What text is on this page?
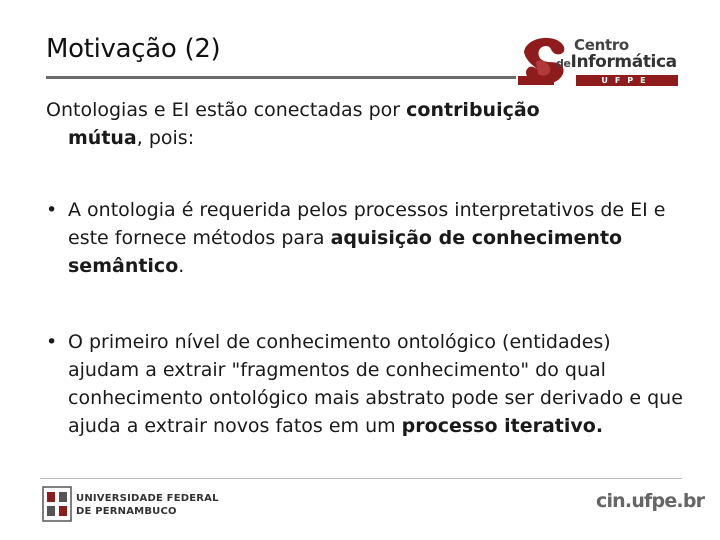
Motivação (2)	Centro
deInformática
UFPE
Ontologias e EI estão conectadas por contribuição
mútua, pois:
• A ontologia é requerida pelos processos interpretativos de EI e este fornece métodos para aquisição de conhecimento semântico.
• O primeiro nível de conhecimento ontológico (entidades) ajudam a extrair "fragmentos de conhecimento" do qual conhecimento ontológico mais abstrato pode ser derivado e que ajuda a extrair novos fatos em um processo iterativo.
UNIVERSIDADE FEDERAL
DE PERNAMBUCO	cin.ufpe.br
